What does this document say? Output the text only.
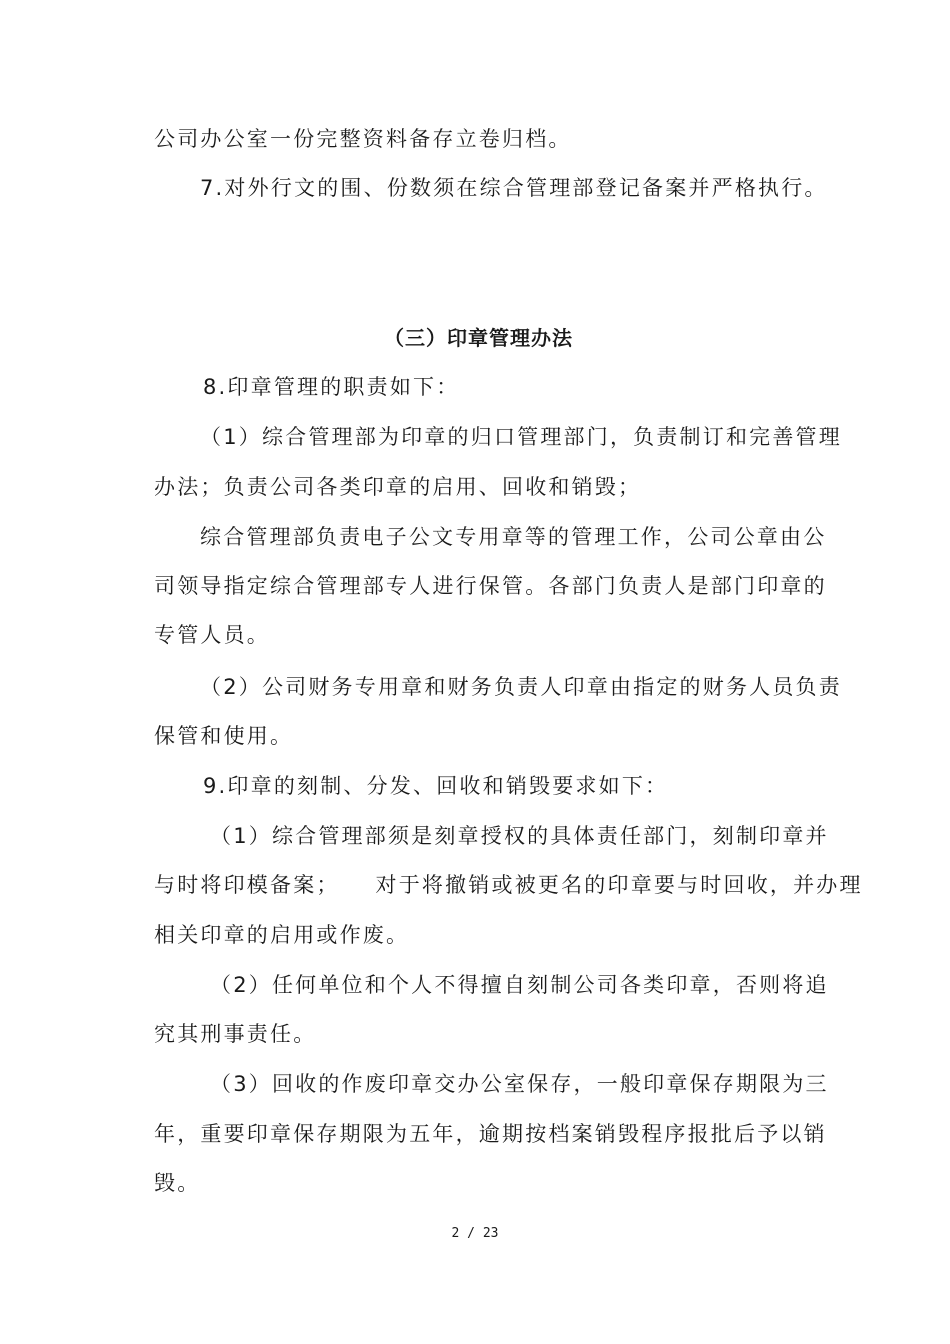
公司办公室一份完整资料备存立卷归档。
7.对外行文的围、份数须在综合管理部登记备案并严格执行。
（三）印章管理办法
8.印章管理的职责如下：
（1）综合管理部为印章的归口管理部门，负责制订和完善管理
办法；负责公司各类印章的启用、回收和销毁；
综合管理部负责电子公文专用章等的管理工作，公司公章由公
司领导指定综合管理部专人进行保管。各部门负责人是部门印章的
专管人员。
（2）公司财务专用章和财务负责人印章由指定的财务人员负责
保管和使用。
9.印章的刻制、分发、回收和销毁要求如下：
（1）综合管理部须是刻章授权的具体责任部门，刻制印章并
与时将印模备案；　　对于将撤销或被更名的印章要与时回收，并办理
相关印章的启用或作废。
（2）任何单位和个人不得擅自刻制公司各类印章，否则将追
究其刑事责任。
（3）回收的作废印章交办公室保存，一般印章保存期限为三
年，重要印章保存期限为五年，逾期按档案销毁程序报批后予以销
毁。
2 / 23
